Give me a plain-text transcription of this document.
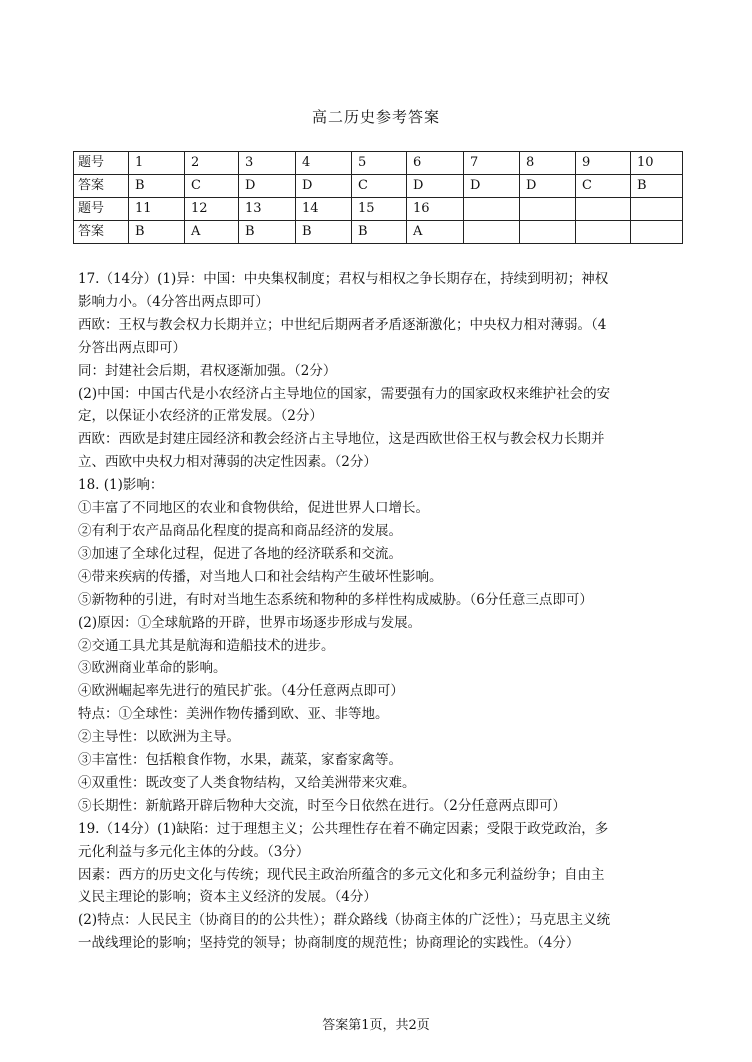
高二历史参考答案
题号	1	2	3	4	5	6	7	8	9	10
答案	B	C	D	D	C	D	D	D	C	B
题号	11	12	13	14	15	16				
答案	B	A	B	B	B	A				

17.（14分）(1)异：中国：中央集权制度；君权与相权之争长期存在，持续到明初；神权

影响力小。（4分答出两点即可）

西欧：王权与教会权力长期并立；中世纪后期两者矛盾逐渐激化；中央权力相对薄弱。（4

分答出两点即可）

同：封建社会后期，君权逐渐加强。（2分）

(2)中国：中国古代是小农经济占主导地位的国家，需要强有力的国家政权来维护社会的安

定，以保证小农经济的正常发展。（2分）

西欧：西欧是封建庄园经济和教会经济占主导地位，这是西欧世俗王权与教会权力长期并

立、西欧中央权力相对薄弱的决定性因素。（2分）

18. (1)影响：

①丰富了不同地区的农业和食物供给，促进世界人口增长。

②有利于农产品商品化程度的提高和商品经济的发展。

③加速了全球化过程，促进了各地的经济联系和交流。

④带来疾病的传播，对当地人口和社会结构产生破坏性影响。

⑤新物种的引进，有时对当地生态系统和物种的多样性构成威胁。（6分任意三点即可）

(2)原因：①全球航路的开辟，世界市场逐步形成与发展。

②交通工具尤其是航海和造船技术的进步。

③欧洲商业革命的影响。

④欧洲崛起率先进行的殖民扩张。（4分任意两点即可）

特点：①全球性：美洲作物传播到欧、亚、非等地。

②主导性：以欧洲为主导。

③丰富性：包括粮食作物，水果，蔬菜，家畜家禽等。

④双重性：既改变了人类食物结构，又给美洲带来灾难。

⑤长期性：新航路开辟后物种大交流，时至今日依然在进行。（2分任意两点即可）

19.（14分）(1)缺陷：过于理想主义；公共理性存在着不确定因素；受限于政党政治，多

元化利益与多元化主体的分歧。（3分）

因素：西方的历史文化与传统；现代民主政治所蕴含的多元文化和多元利益纷争；自由主

义民主理论的影响；资本主义经济的发展。（4分）

(2)特点：人民民主（协商目的的公共性）；群众路线（协商主体的广泛性）；马克思主义统

一战线理论的影响；坚持党的领导；协商制度的规范性；协商理论的实践性。（4分）

答案第1页，共2页
